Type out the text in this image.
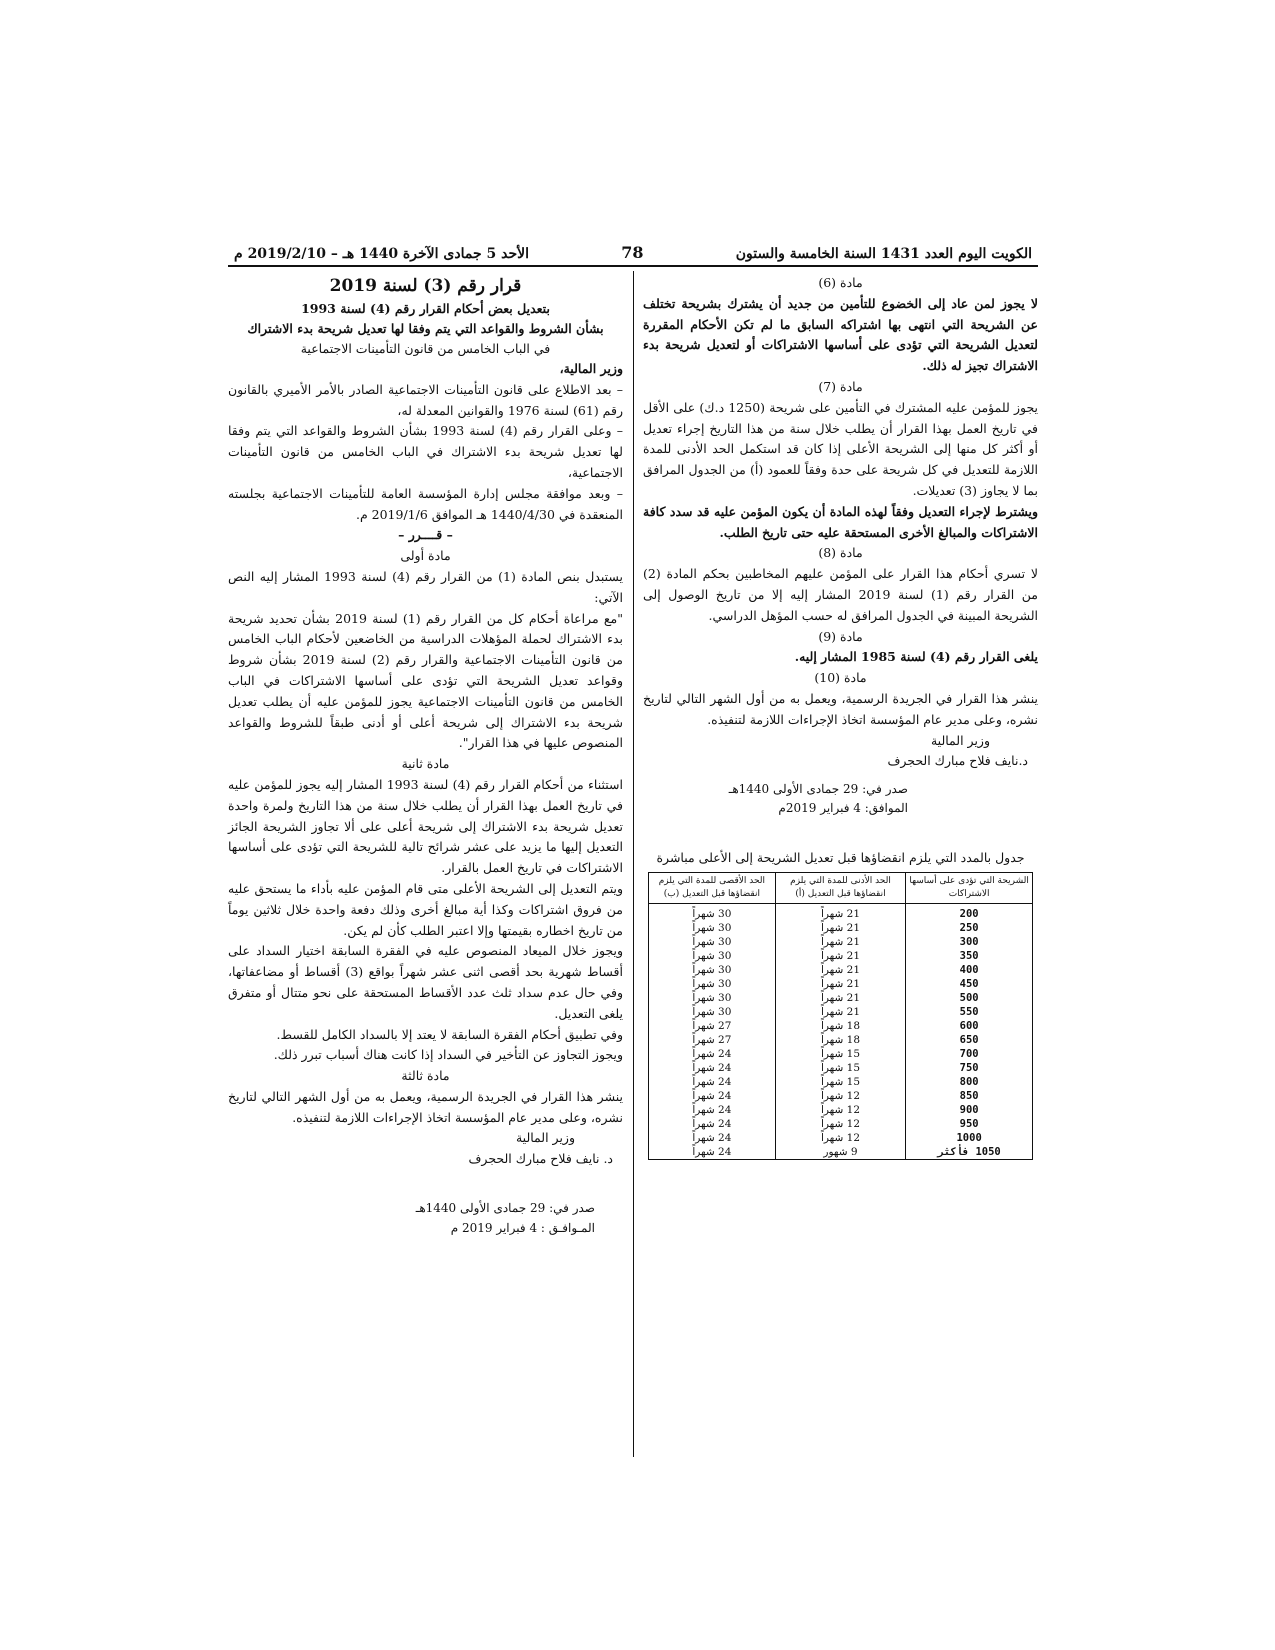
الكويت اليوم العدد 1431 السنة الخامسة والستون
78
الأحد 5 جمادى الآخرة 1440 هـ – 2019/2/10 م
مادة (6)

لا يجوز لمن عاد إلى الخضوع للتأمين من جديد أن يشترك بشريحة تختلف عن الشريحة التي انتهى بها اشتراكه السابق ما لم تكن الأحكام المقررة لتعديل الشريحة التي تؤدى على أساسها الاشتراكات أو لتعديل شريحة بدء الاشتراك تجيز له ذلك.

مادة (7)

يجوز للمؤمن عليه المشترك في التأمين على شريحة (1250 د.ك) على الأقل في تاريخ العمل بهذا القرار أن يطلب خلال سنة من هذا التاريخ إجراء تعديل أو أكثر كل منها إلى الشريحة الأعلى إذا كان قد استكمل الحد الأدنى للمدة اللازمة للتعديل في كل شريحة على حدة وفقاً للعمود (أ) من الجدول المرافق بما لا يجاوز (3) تعديلات.

ويشترط لإجراء التعديل وفقاً لهذه المادة أن يكون المؤمن عليه قد سدد كافة الاشتراكات والمبالغ الأخرى المستحقة عليه حتى تاريخ الطلب.

مادة (8)

لا تسري أحكام هذا القرار على المؤمن عليهم المخاطبين بحكم المادة (2) من القرار رقم (1) لسنة 2019 المشار إليه إلا من تاريخ الوصول إلى الشريحة المبينة في الجدول المرافق له حسب المؤهل الدراسي.

مادة (9)

يلغى القرار رقم (4) لسنة 1985 المشار إليه.

مادة (10)

ينشر هذا القرار في الجريدة الرسمية، ويعمل به من أول الشهر التالي لتاريخ نشره، وعلى مدير عام المؤسسة اتخاذ الإجراءات اللازمة لتنفيذه.

وزير المالية
د.نايف فلاح مبارك الحجرف
صدر في: 29 جمادى الأولى 1440هـ
الموافق: 4 فبراير 2019م
جدول بالمدد التي يلزم انقضاؤها قبل تعديل الشريحة إلى الأعلى مباشرة
الشريحة التي تؤدى على أساسها الاشتراكات	الحد الأدنى للمدة التي يلزم انقضاؤها قبل التعديل (أ)	الحد الأقصى للمدة التي يلزم انقضاؤها قبل التعديل (ب)
200	21 شهراً	30 شهراً
250	21 شهراً	30 شهراً
300	21 شهراً	30 شهراً
350	21 شهراً	30 شهراً
400	21 شهراً	30 شهراً
450	21 شهراً	30 شهراً
500	21 شهراً	30 شهراً
550	21 شهراً	30 شهراً
600	18 شهراً	27 شهراً
650	18 شهراً	27 شهراً
700	15 شهراً	24 شهراً
750	15 شهراً	24 شهراً
800	15 شهراً	24 شهراً
850	12 شهراً	24 شهراً
900	12 شهراً	24 شهراً
950	12 شهراً	24 شهراً
1000	12 شهراً	24 شهراً
1050 فأكثر	9 شهور	24 شهراً
قرار رقم (3) لسنة 2019
بتعديل بعض أحكام القرار رقم (4) لسنة 1993
بشأن الشروط والقواعد التي يتم وفقا لها تعديل شريحة بدء الاشتراك
في الباب الخامس من قانون التأمينات الاجتماعية

وزير المالية،

– بعد الاطلاع على قانون التأمينات الاجتماعية الصادر بالأمر الأميري بالقانون رقم (61) لسنة 1976 والقوانين المعدلة له،

– وعلى القرار رقم (4) لسنة 1993 بشأن الشروط والقواعد التي يتم وفقا لها تعديل شريحة بدء الاشتراك في الباب الخامس من قانون التأمينات الاجتماعية،

– وبعد موافقة مجلس إدارة المؤسسة العامة للتأمينات الاجتماعية بجلسته المنعقدة في 1440/4/30 هـ الموافق 2019/1/6 م.

– قــــرر –
مادة أولى

يستبدل بنص المادة (1) من القرار رقم (4) لسنة 1993 المشار إليه النص الآتي:

"مع مراعاة أحكام كل من القرار رقم (1) لسنة 2019 بشأن تحديد شريحة بدء الاشتراك لحملة المؤهلات الدراسية من الخاضعين لأحكام الباب الخامس من قانون التأمينات الاجتماعية والقرار رقم (2) لسنة 2019 بشأن شروط وقواعد تعديل الشريحة التي تؤدى على أساسها الاشتراكات في الباب الخامس من قانون التأمينات الاجتماعية يجوز للمؤمن عليه أن يطلب تعديل شريحة بدء الاشتراك إلى شريحة أعلى أو أدنى طبقاً للشروط والقواعد المنصوص عليها في هذا القرار".

مادة ثانية

استثناء من أحكام القرار رقم (4) لسنة 1993 المشار إليه يجوز للمؤمن عليه في تاريخ العمل بهذا القرار أن يطلب خلال سنة من هذا التاريخ ولمرة واحدة تعديل شريحة بدء الاشتراك إلى شريحة أعلى على ألا تجاوز الشريحة الجائز التعديل إليها ما يزيد على عشر شرائح تالية للشريحة التي تؤدى على أساسها الاشتراكات في تاريخ العمل بالقرار.

ويتم التعديل إلى الشريحة الأعلى متى قام المؤمن عليه بأداء ما يستحق عليه من فروق اشتراكات وكذا أية مبالغ أخرى وذلك دفعة واحدة خلال ثلاثين يوماً من تاريخ اخطاره بقيمتها وإلا اعتبر الطلب كأن لم يكن.

ويجوز خلال الميعاد المنصوص عليه في الفقرة السابقة اختيار السداد على أقساط شهرية بحد أقصى اثنى عشر شهراً بواقع (3) أقساط أو مضاعفاتها، وفي حال عدم سداد ثلث عدد الأقساط المستحقة على نحو متتال أو متفرق يلغى التعديل.

وفي تطبيق أحكام الفقرة السابقة لا يعتد إلا بالسداد الكامل للقسط.

ويجوز التجاوز عن التأخير في السداد إذا كانت هناك أسباب تبرر ذلك.

مادة ثالثة

ينشر هذا القرار في الجريدة الرسمية، ويعمل به من أول الشهر التالي لتاريخ نشره، وعلى مدير عام المؤسسة اتخاذ الإجراءات اللازمة لتنفيذه.

وزير المالية
د. نايف فلاح مبارك الحجرف
صدر في: 29 جمادى الأولى 1440هـ
المـوافـق : 4 فبراير 2019 م
